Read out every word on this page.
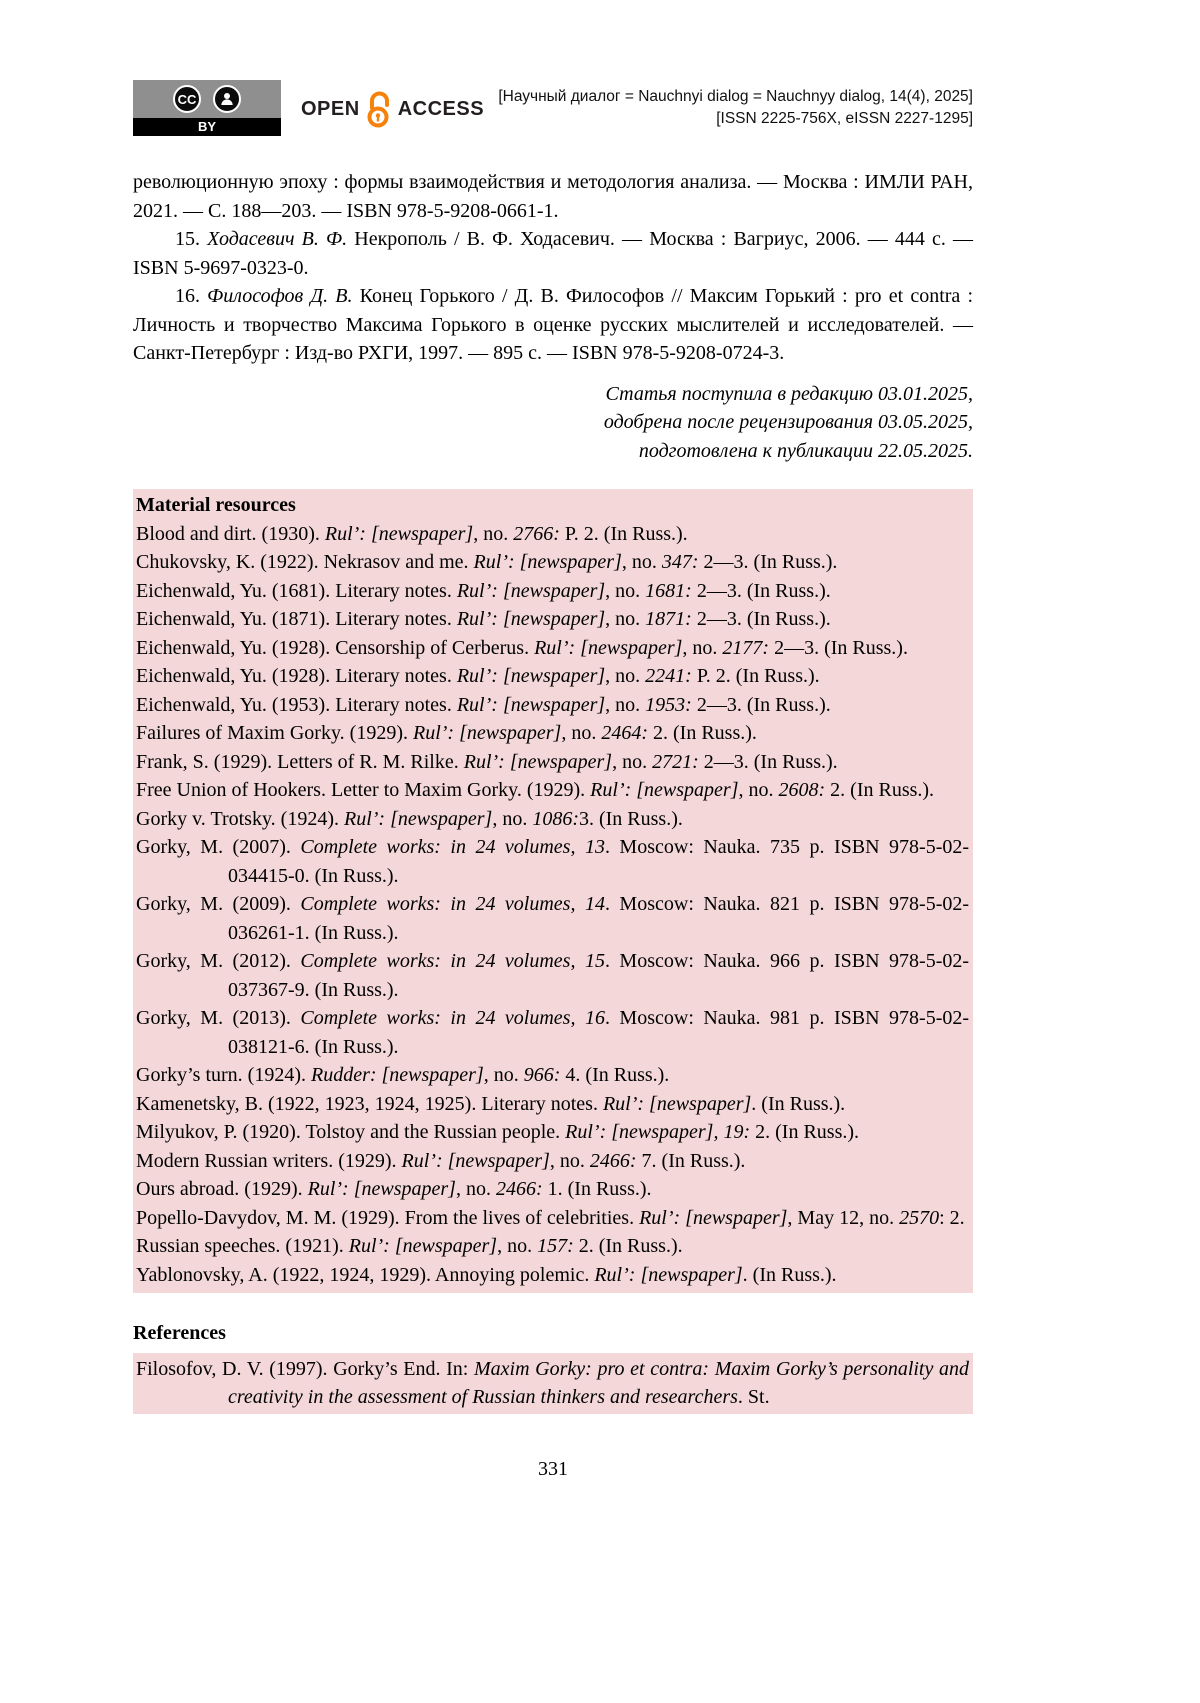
CC
BY
OPEN ACCESS
[Научный диалог = Nauchnyi dialog = Nauchnyy dialog, 14(4), 2025]
[ISSN 2225-756X, eISSN 2227-1295]

революционную эпоху : формы взаимодействия и методология анализа. — Москва : ИМЛИ РАН, 2021. — С. 188—203. — ISBN 978-5-9208-0661-1.

15. Ходасевич В. Ф. Некрополь / В. Ф. Ходасевич. — Москва : Вагриус, 2006. — 444 с. — ISBN 5-9697-0323-0.

16. Философов Д. В. Конец Горького / Д. В. Философов // Максим Горький : pro et contra : Личность и творчество Максима Горького в оценке русских мыслителей и исследователей. — Санкт-Петербург : Изд-во РХГИ, 1997. — 895 с. — ISBN 978-5-9208-0724-3.

Статья поступила в редакцию 03.01.2025,

одобрена после рецензирования 03.05.2025,

подготовлена к публикации 22.05.2025.

Material resources

Blood and dirt. (1930). Rul’: [newspaper], no. 2766: P. 2. (In Russ.).

Chukovsky, K. (1922). Nekrasov and me. Rul’: [newspaper], no. 347: 2—3. (In Russ.).

Eichenwald, Yu. (1681). Literary notes. Rul’: [newspaper], no. 1681: 2—3. (In Russ.).

Eichenwald, Yu. (1871). Literary notes. Rul’: [newspaper], no. 1871: 2—3. (In Russ.).

Eichenwald, Yu. (1928). Censorship of Cerberus. Rul’: [newspaper], no. 2177: 2—3. (In Russ.).

Eichenwald, Yu. (1928). Literary notes. Rul’: [newspaper], no. 2241: P. 2. (In Russ.).

Eichenwald, Yu. (1953). Literary notes. Rul’: [newspaper], no. 1953: 2—3. (In Russ.).

Failures of Maxim Gorky. (1929). Rul’: [newspaper], no. 2464: 2. (In Russ.).

Frank, S. (1929). Letters of R. M. Rilke. Rul’: [newspaper], no. 2721: 2—3. (In Russ.).

Free Union of Hookers. Letter to Maxim Gorky. (1929). Rul’: [newspaper], no. 2608: 2. (In Russ.).

Gorky v. Trotsky. (1924). Rul’: [newspaper], no. 1086:3. (In Russ.).

Gorky, M. (2007). Complete works: in 24 volumes, 13. Moscow: Nauka. 735 p. ISBN 978-5-02-034415-0. (In Russ.).

Gorky, M. (2009). Complete works: in 24 volumes, 14. Moscow: Nauka. 821 p. ISBN 978-5-02-036261-1. (In Russ.).

Gorky, M. (2012). Complete works: in 24 volumes, 15. Moscow: Nauka. 966 p. ISBN 978-5-02-037367-9. (In Russ.).

Gorky, M. (2013). Complete works: in 24 volumes, 16. Moscow: Nauka. 981 p. ISBN 978-5-02-038121-6. (In Russ.).

Gorky’s turn. (1924). Rudder: [newspaper], no. 966: 4. (In Russ.).

Kamenetsky, B. (1922, 1923, 1924, 1925). Literary notes. Rul’: [newspaper]. (In Russ.).

Milyukov, P. (1920). Tolstoy and the Russian people. Rul’: [newspaper], 19: 2. (In Russ.).

Modern Russian writers. (1929). Rul’: [newspaper], no. 2466: 7. (In Russ.).

Ours abroad. (1929). Rul’: [newspaper], no. 2466: 1. (In Russ.).

Popello-Davydov, M. M. (1929). From the lives of celebrities. Rul’: [newspaper], May 12, no. 2570: 2.

Russian speeches. (1921). Rul’: [newspaper], no. 157: 2. (In Russ.).

Yablonovsky, A. (1922, 1924, 1929). Annoying polemic. Rul’: [newspaper]. (In Russ.).

References

Filosofov, D. V. (1997). Gorky’s End. In: Maxim Gorky: pro et contra: Maxim Gorky’s personality and creativity in the assessment of Russian thinkers and researchers. St.

331
